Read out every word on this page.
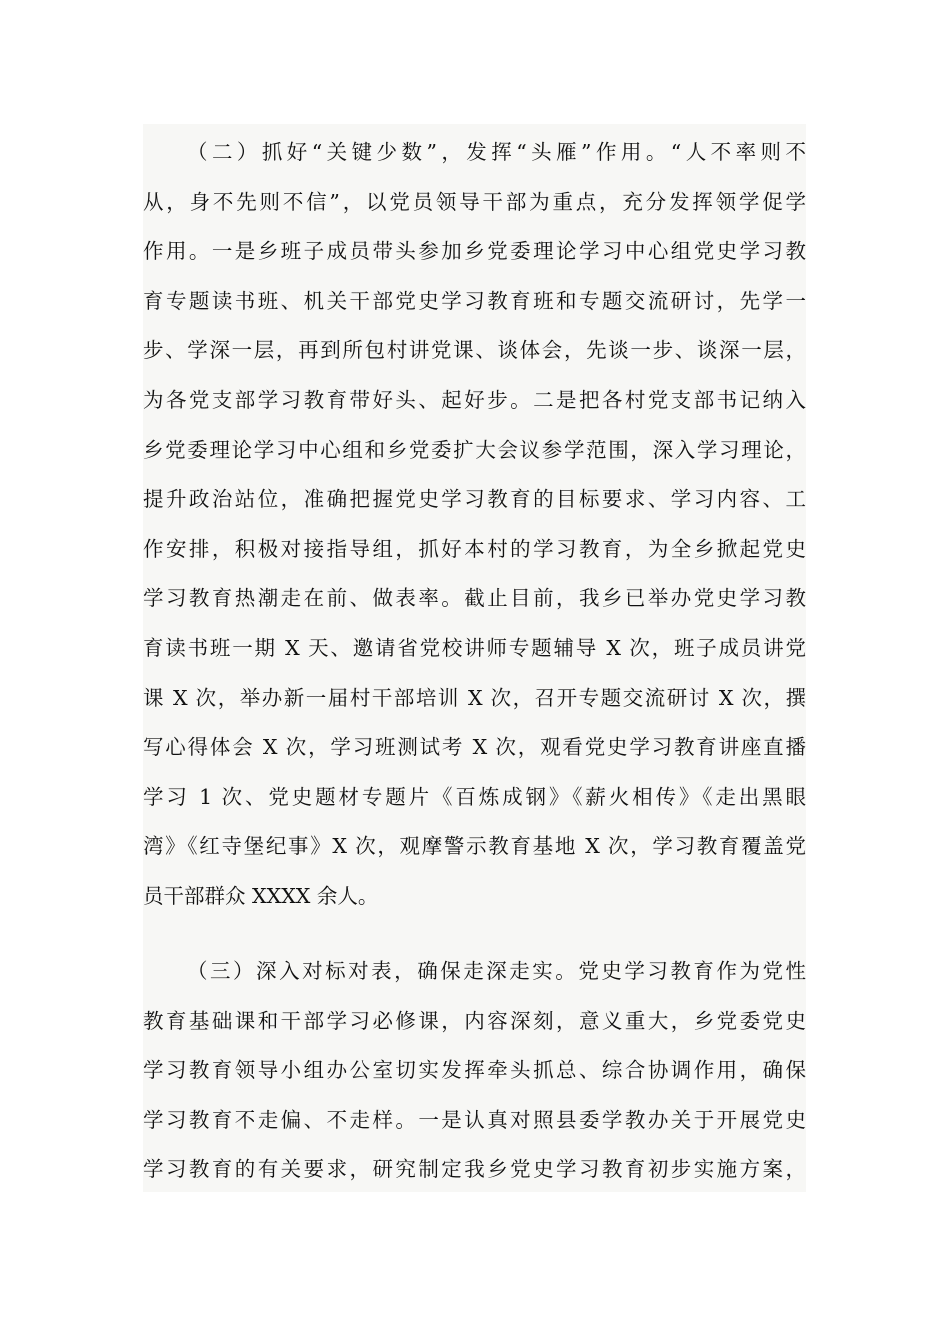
（二）抓好“关键少数”，发挥“头雁”作用。“人不率则不
从，身不先则不信”，以党员领导干部为重点，充分发挥领学促学
作用。一是乡班子成员带头参加乡党委理论学习中心组党史学习教
育专题读书班、机关干部党史学习教育班和专题交流研讨，先学一
步、学深一层，再到所包村讲党课、谈体会，先谈一步、谈深一层，
为各党支部学习教育带好头、起好步。二是把各村党支部书记纳入
乡党委理论学习中心组和乡党委扩大会议参学范围，深入学习理论，
提升政治站位，准确把握党史学习教育的目标要求、学习内容、工
作安排，积极对接指导组，抓好本村的学习教育，为全乡掀起党史
学习教育热潮走在前、做表率。截止目前，我乡已举办党史学习教
育读书班一期 X 天、邀请省党校讲师专题辅导 X 次，班子成员讲党
课 X 次，举办新一届村干部培训 X 次，召开专题交流研讨 X 次，撰
写心得体会 X 次，学习班测试考 X 次，观看党史学习教育讲座直播
学习 1 次、党史题材专题片《百炼成钢》《薪火相传》《走出黑眼
湾》《红寺堡纪事》X 次，观摩警示教育基地 X 次，学习教育覆盖党
员干部群众 XXXX 余人。
（三）深入对标对表，确保走深走实。党史学习教育作为党性
教育基础课和干部学习必修课，内容深刻，意义重大，乡党委党史
学习教育领导小组办公室切实发挥牵头抓总、综合协调作用，确保
学习教育不走偏、不走样。一是认真对照县委学教办关于开展党史
学习教育的有关要求，研究制定我乡党史学习教育初步实施方案，
